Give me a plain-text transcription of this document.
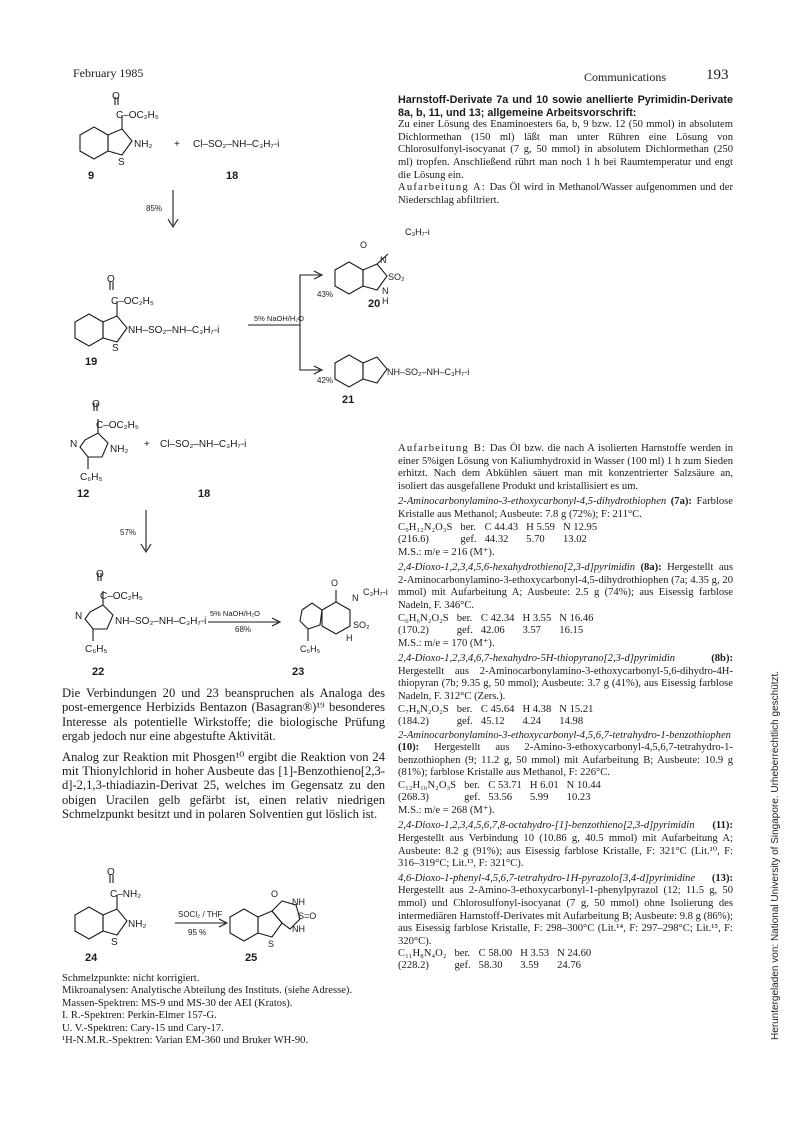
February 1985	Communications	193
Heruntergeladen von: National University of Singapore. Urheberrechtlich geschützt.
O
C–OC₂H₅
NH₂
S
+ Cl–SO₂–NH–C₃H₇-i
9	18
85%
O
C–OC₂H₅
NH–SO₂–NH–C₃H₇-i
S
19
5% NaOH/H₂O
43%
42%
O
C₃H₇-i
N
SO₂
N
H
20
NH–SO₂–NH–C₃H₇-i
21
O
C–OC₂H₅
NH₂
N
C₆H₅
+ Cl–SO₂–NH–C₃H₇-i
12	18
57%
O
C–OC₂H₅
NH–SO₂–NH–C₃H₇-i
N
C₆H₅
5% NaOH/H₂O
68%
O
N
C₃H₇-i
SO₂
H
C₆H₅
22	23
O
C–NH₂
NH₂
S
SOCl₂ / THF
95 %
O
NH
S=O
NH
S
24	25

Die Verbindungen 20 und 23 beanspruchen als Analoga des post-emergence Herbizids Bentazon (Basagran®)¹⁹ besonderes Interesse als potentielle Wirkstoffe; die biologische Prüfung ergab jedoch nur eine abgestufte Aktivität.

Analog zur Reaktion mit Phosgen¹⁰ ergibt die Reaktion von 24 mit Thionylchlorid in hoher Ausbeute das [1]-Benzothieno[2,3-d]-2,1,3-thiadiazin-Derivat 25, welches im Gegensatz zu den obigen Uracilen gelb gefärbt ist, einen relativ niedrigen Schmelzpunkt besitzt und in polaren Solventien gut löslich ist.

Schmelzpunkte: nicht korrigiert.
Mikroanalysen: Analytische Abteilung des Instituts. (siehe Adresse).
Massen-Spektren: MS-9 und MS-30 der AEI (Kratos).
I. R.-Spektren: Perkin-Elmer 157-G.
U. V.-Spektren: Cary-15 und Cary-17.
¹H-N.M.R.-Spektren: Varian EM-360 und Bruker WH-90.

Harnstoff-Derivate 7a und 10 sowie anellierte Pyrimidin-Derivate 8a, b, 11, und 13; allgemeine Arbeitsvorschrift:

Zu einer Lösung des Enaminoesters 6a, b, 9 bzw. 12 (50 mmol) in absolutem Dichlormethan (150 ml) läßt man unter Rühren eine Lösung von Chlorosulfonyl-isocyanat (7 g, 50 mmol) in absolutem Dichlormethan (250 ml) tropfen. Anschließend rührt man noch 1 h bei Raumtemperatur und engt die Lösung ein.

Aufarbeitung A: Das Öl wird in Methanol/Wasser aufgenommen und der Niederschlag abfiltriert.

Aufarbeitung B: Das Öl bzw. die nach A isolierten Harnstoffe werden in einer 5%igen Lösung von Kaliumhydroxid in Wasser (100 ml) 1 h zum Sieden erhitzt. Nach dem Abkühlen säuert man mit konzentrierter Salzsäure an, isoliert das ausgefallene Produkt und kristallisiert es um.

2-Aminocarbonylamino-3-ethoxycarbonyl-4,5-dihydrothiophen (7a): Farblose Kristalle aus Methanol; Ausbeute: 7.8 g (72%); F: 211°C.

C₉H₁₂N₂O₃S	ber.	C 44.43	H 5.59	N 12.95
(216.6)	gef.	44.32	5.70	13.02

M.S.: m/e = 216 (M⁺).

2,4-Dioxo-1,2,3,4,5,6-hexahydrothieno[2,3-d]pyrimidin (8a): Hergestellt aus 2-Aminocarbonylamino-3-ethoxycarbonyl-4,5-dihydrothiophen (7a; 4.35 g, 20 mmol) mit Aufarbeitung A; Ausbeute: 2.5 g (74%); aus Eisessig farblose Nadeln, F. 346°C.

C₆H₆N₂O₂S	ber.	C 42.34	H 3.55	N 16.46
(170.2)	gef.	42.06	3.57	16.15

M.S.: m/e = 170 (M⁺).

2,4-Dioxo-1,2,3,4,6,7-hexahydro-5H-thiopyrano[2,3-d]pyrimidin (8b): Hergestellt aus 2-Aminocarbonylamino-3-ethoxycarbonyl-5,6-dihydro-4H-thiopyran (7b; 9.35 g, 50 mmol); Ausbeute: 3.7 g (41%), aus Eisessig farblose Nadeln, F. 312°C (Zers.).

C₇H₈N₂O₂S	ber.	C 45.64	H 4.38	N 15.21
(184.2)	gef.	45.12	4.24	14.98

2-Aminocarbonylamino-3-ethoxycarbonyl-4,5,6,7-tetrahydro-1-benzothiophen (10): Hergestellt aus 2-Amino-3-ethoxycarbonyl-4,5,6,7-tetrahydro-1-benzothiophen (9; 11.2 g, 50 mmol) mit Aufarbeitung B; Ausbeute: 10.9 g (81%); farblose Kristalle aus Methanol, F: 226°C.

C₁₂H₁₆N₂O₃S	ber.	C 53.71	H 6.01	N 10.44
(268.3)	gef.	53.56	5.99	10.23

M.S.: m/e = 268 (M⁺).

2,4-Dioxo-1,2,3,4,5,6,7,8-octahydro-[1]-benzothieno[2,3-d]pyrimidin (11): Hergestellt aus Verbindung 10 (10.86 g, 40.5 mmol) mit Aufarbeitung A; Ausbeute: 8.2 g (91%); aus Eisessig farblose Kristalle, F: 321°C (Lit.¹⁰, F: 316–319°C; Lit.¹³, F: 321°C).

4,6-Dioxo-1-phenyl-4,5,6,7-tetrahydro-1H-pyrazolo[3,4-d]pyrimidine (13): Hergestellt aus 2-Amino-3-ethoxycarbonyl-1-phenylpyrazol (12; 11.5 g, 50 mmol) und Chlorosulfonyl-isocyanat (7 g, 50 mmol) ohne Isolierung des intermediären Harnstoff-Derivates mit Aufarbeitung B; Ausbeute: 9.8 g (86%); aus Eisessig farblose Kristalle, F: 298–300°C (Lit.¹⁴, F: 297–298°C; Lit.¹⁵, F: 320°C).

C₁₁H₈N₄O₂	ber.	C 58.00	H 3.53	N 24.60
(228.2)	gef.	58.30	3.59	24.76
